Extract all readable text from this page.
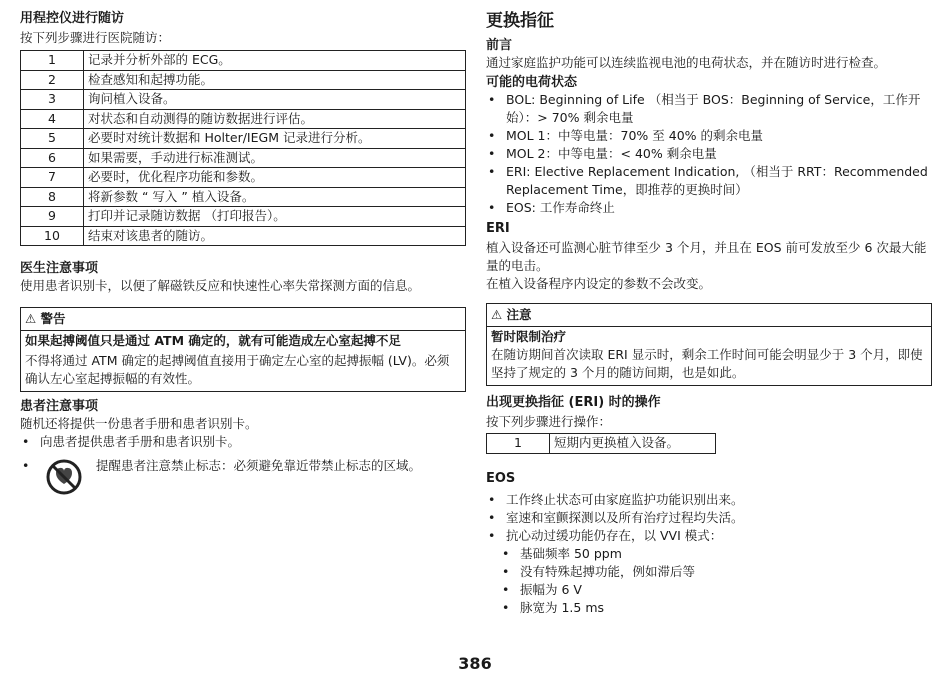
用程控仪进行随访
按下列步骤进行医院随访：
1	记录并分析外部的 ECG。
2	检查感知和起搏功能。
3	询问植入设备。
4	对状态和自动测得的随访数据进行评估。
5	必要时对统计数据和 Holter/IEGM 记录进行分析。
6	如果需要，手动进行标准测试。
7	必要时，优化程序功能和参数。
8	将新参数 “ 写入 ” 植入设备。
9	打印并记录随访数据 （打印报告）。
10	结束对该患者的随访。
医生注意事项
使用患者识别卡，以便了解磁铁反应和快速性心率失常探测方面的信息。
⚠ 警告
如果起搏阈值只是通过 ATM 确定的，就有可能造成左心室起搏不足
不得将通过 ATM 确定的起搏阈值直接用于确定左心室的起搏振幅 (LV)。必须确认左心室起搏振幅的有效性。
患者注意事项
随机还将提供一份患者手册和患者识别卡。
• 向患者提供患者手册和患者识别卡。
• 提醒患者注意禁止标志：必须避免靠近带禁止标志的区域。
更换指征
前言
通过家庭监护功能可以连续监视电池的电荷状态，并在随访时进行检查。
可能的电荷状态
• BOL: Beginning of Life （相当于 BOS：Beginning of Service，工作开始）：> 70% 剩余电量
• MOL 1：中等电量：70% 至 40% 的剩余电量
• MOL 2：中等电量：< 40% 剩余电量
• ERI: Elective Replacement Indication, （相当于 RRT：Recommended Replacement Time，即推荐的更换时间）
• EOS: 工作寿命终止
ERI
植入设备还可监测心脏节律至少 3 个月，并且在 EOS 前可发放至少 6 次最大能量的电击。
在植入设备程序内设定的参数不会改变。
⚠ 注意
暂时限制治疗
在随访期间首次读取 ERI 显示时，剩余工作时间可能会明显少于 3 个月，即使坚持了规定的 3 个月的随访间期，也是如此。
出现更换指征 (ERI) 时的操作
按下列步骤进行操作：
1	短期内更换植入设备。
EOS
• 工作终止状态可由家庭监护功能识别出来。
• 室速和室颤探测以及所有治疗过程均失活。
• 抗心动过缓功能仍存在，以 VVI 模式：
• 基础频率 50 ppm
• 没有特殊起搏功能，例如滞后等
• 振幅为 6 V
• 脉宽为 1.5 ms
386
